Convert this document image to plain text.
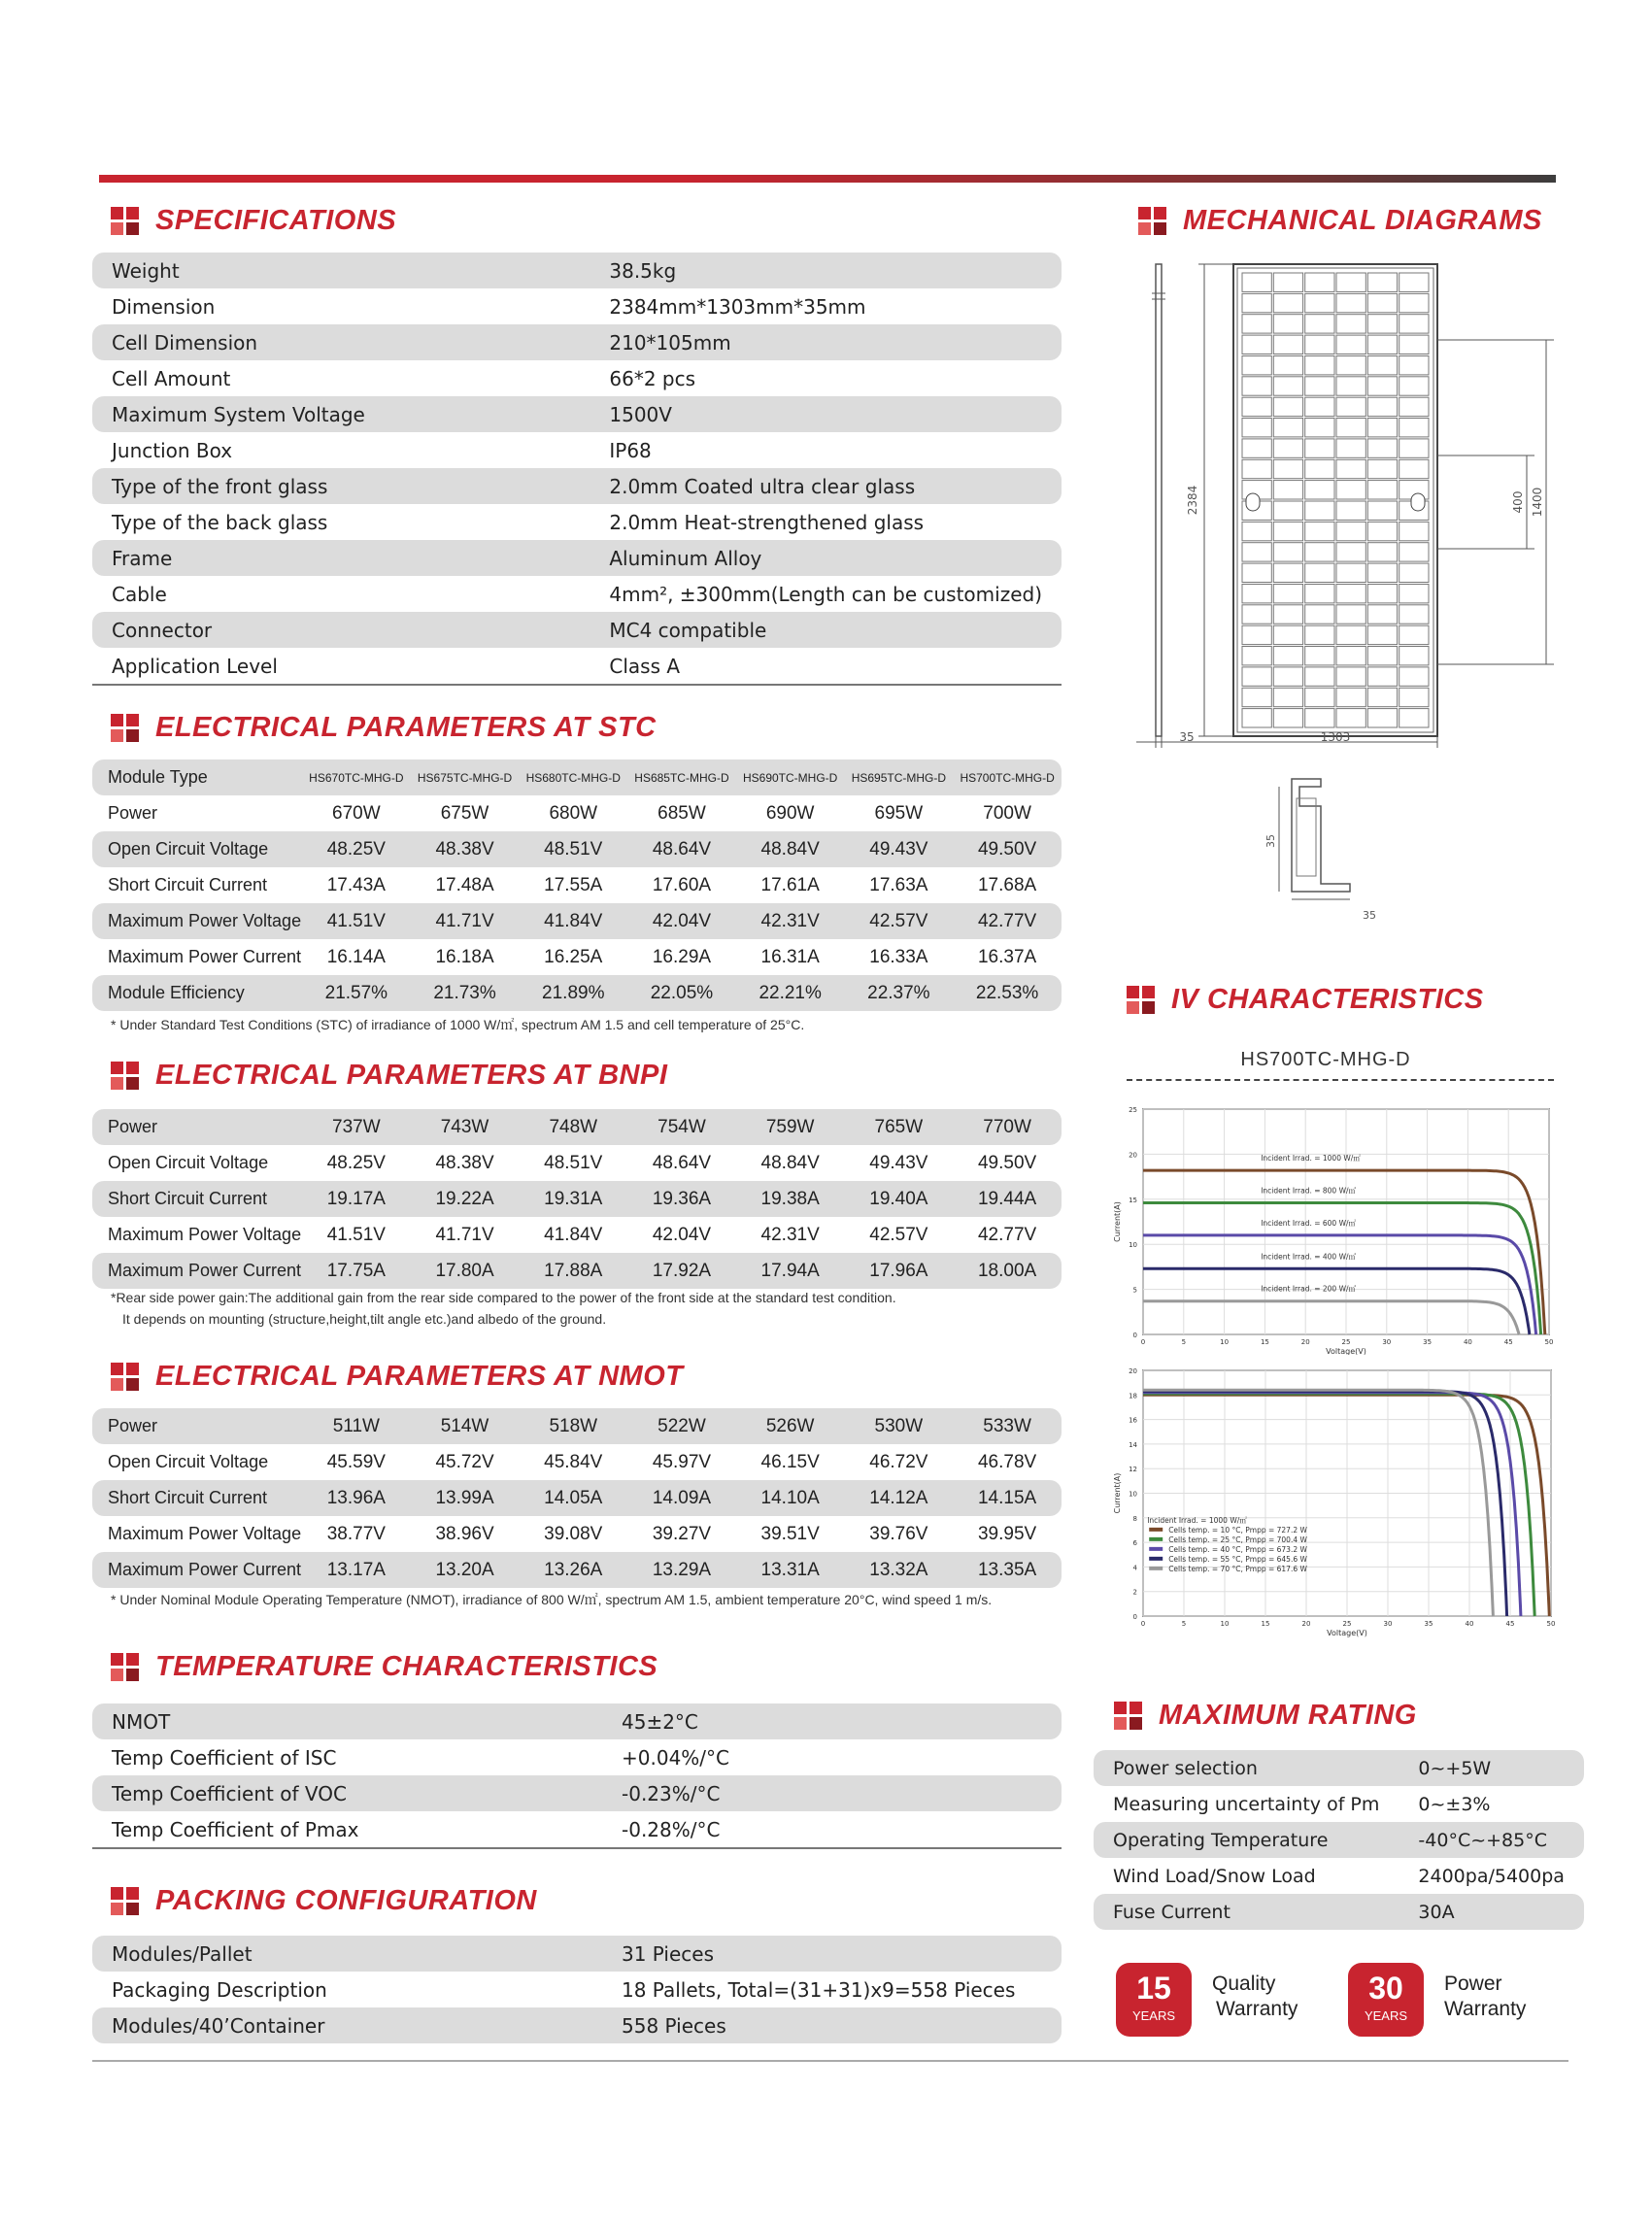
SPECIFICATIONS
Weight	38.5kg
Dimension	2384mm*1303mm*35mm
Cell Dimension	210*105mm
Cell Amount	66*2 pcs
Maximum System Voltage	1500V
Junction Box	IP68
Type of the front glass	2.0mm Coated ultra clear glass
Type of the back glass	2.0mm Heat-strengthened glass
Frame	Aluminum Alloy
Cable	4mm², ±300mm(Length can be customized)
Connector	MC4 compatible
Application Level	Class A
ELECTRICAL PARAMETERS AT STC
Module Type	HS670TC-MHG-D	HS675TC-MHG-D	HS680TC-MHG-D	HS685TC-MHG-D	HS690TC-MHG-D	HS695TC-MHG-D	HS700TC-MHG-D
Power	670W	675W	680W	685W	690W	695W	700W
Open Circuit Voltage	48.25V	48.38V	48.51V	48.64V	48.84V	49.43V	49.50V
Short Circuit Current	17.43A	17.48A	17.55A	17.60A	17.61A	17.63A	17.68A
Maximum Power Voltage	41.51V	41.71V	41.84V	42.04V	42.31V	42.57V	42.77V
Maximum Power Current	16.14A	16.18A	16.25A	16.29A	16.31A	16.33A	16.37A
Module Efficiency	21.57%	21.73%	21.89%	22.05%	22.21%	22.37%	22.53%
* Under Standard Test Conditions (STC) of irradiance of 1000 W/㎡, spectrum AM 1.5 and cell temperature of 25°C.
ELECTRICAL PARAMETERS AT BNPI
Power	737W	743W	748W	754W	759W	765W	770W
Open Circuit Voltage	48.25V	48.38V	48.51V	48.64V	48.84V	49.43V	49.50V
Short Circuit Current	19.17A	19.22A	19.31A	19.36A	19.38A	19.40A	19.44A
Maximum Power Voltage	41.51V	41.71V	41.84V	42.04V	42.31V	42.57V	42.77V
Maximum Power Current	17.75A	17.80A	17.88A	17.92A	17.94A	17.96A	18.00A
*Rear side power gain:The additional gain from the rear side compared to the power of the front side at the standard test condition.
It depends on mounting (structure,height,tilt angle etc.)and albedo of the ground.
ELECTRICAL PARAMETERS AT NMOT
Power	511W	514W	518W	522W	526W	530W	533W
Open Circuit Voltage	45.59V	45.72V	45.84V	45.97V	46.15V	46.72V	46.78V
Short Circuit Current	13.96A	13.99A	14.05A	14.09A	14.10A	14.12A	14.15A
Maximum Power Voltage	38.77V	38.96V	39.08V	39.27V	39.51V	39.76V	39.95V
Maximum Power Current	13.17A	13.20A	13.26A	13.29A	13.31A	13.32A	13.35A
* Under Nominal Module Operating Temperature (NMOT), irradiance of 800 W/㎡, spectrum AM 1.5, ambient temperature 20°C, wind speed 1 m/s.
TEMPERATURE CHARACTERISTICS
NMOT	45±2°C
Temp Coefficient of ISC	+0.04%/°C
Temp Coefficient of VOC	-0.23%/°C
Temp Coefficient of Pmax	-0.28%/°C
PACKING CONFIGURATION
Modules/Pallet	31 Pieces
Packaging Description	18 Pallets, Total=(31+31)x9=558 Pieces
Modules/40’Container	558 Pieces
MECHANICAL DIAGRAMS
2384	400 1400
35	1303
35
35
IV CHARACTERISTICS
HS700TC-MHG-D
0
5
10
15
20
25
0	5	10	15	20	25	30	35	40	45	50
Voltage(V)
Current(A)
Incident Irrad. = 1000 W/㎡
Incident Irrad. = 800 W/㎡
Incident Irrad. = 600 W/㎡
Incident Irrad. = 400 W/㎡
Incident Irrad. = 200 W/㎡
0
2
4
6
8
10
12
14
16
18
20
0	5	10	15	20	25	30	35	40	45	50
Voltage(V)
Current(A)
Incident Irrad. = 1000 W/㎡
Cells temp. = 10 °C, Pmpp = 727.2 W
Cells temp. = 25 °C, Pmpp = 700.4 W
Cells temp. = 40 °C, Pmpp = 673.2 W
Cells temp. = 55 °C, Pmpp = 645.6 W
Cells temp. = 70 °C, Pmpp = 617.6 W
MAXIMUM RATING
Power selection	0~+5W
Measuring uncertainty of Pm	0~±3%
Operating Temperature	-40°C~+85°C
Wind Load/Snow Load	2400pa/5400pa
Fuse Current	30A
15
YEARS
Quality
Warranty
30
YEARS
Power
Warranty
